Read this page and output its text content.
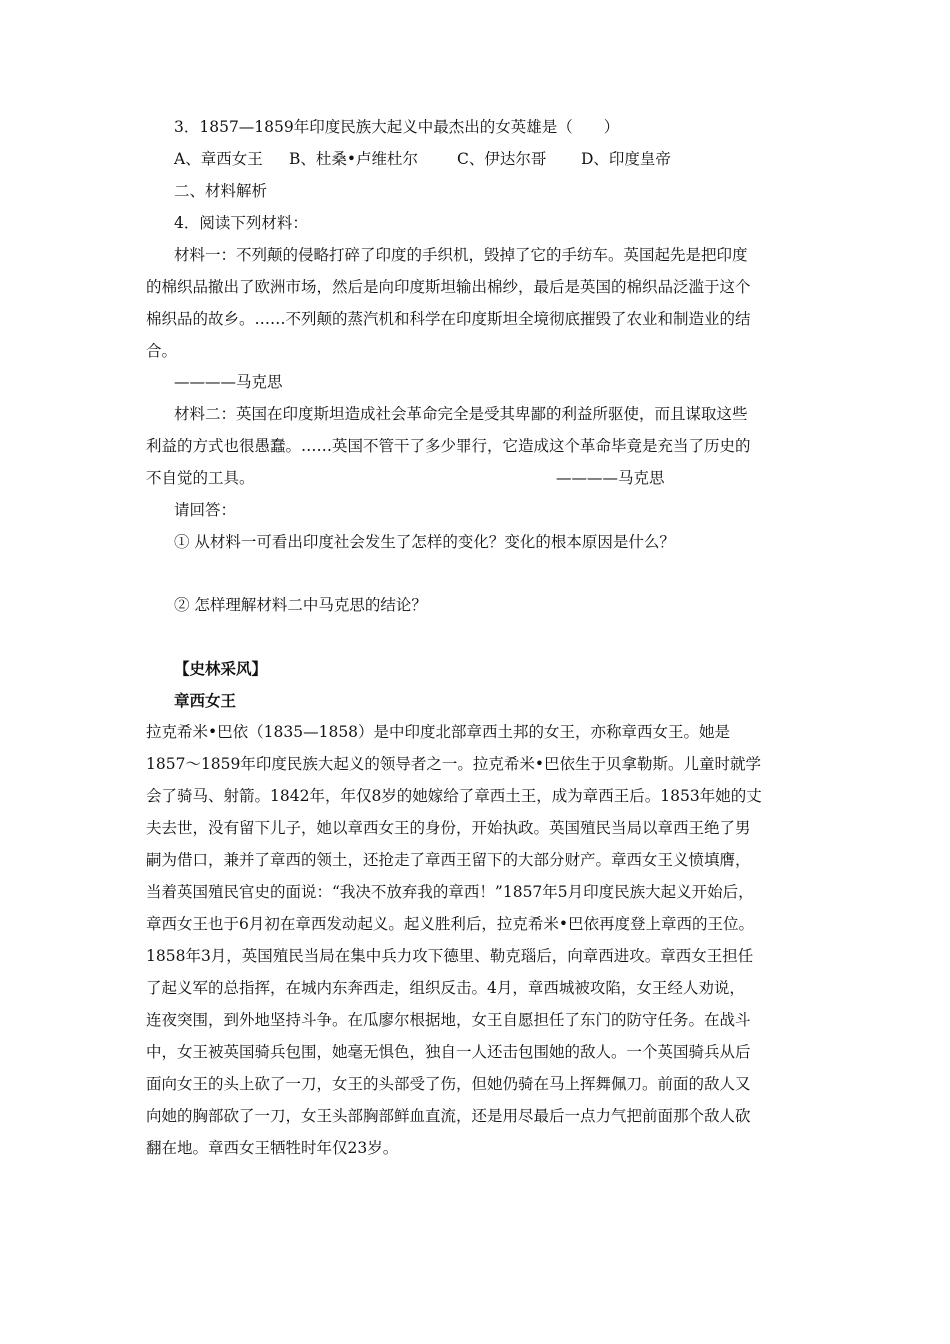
3．1857—1859年印度民族大起义中最杰出的女英雄是（　　）
A、章西女王 B、杜桑•卢维杜尔	C、伊达尔哥 D、印度皇帝
二、材料解析
4．阅读下列材料：
材料一：不列颠的侵略打碎了印度的手织机，毁掉了它的手纺车。英国起先是把印度
的棉织品撤出了欧洲市场，然后是向印度斯坦输出棉纱，最后是英国的棉织品泛滥于这个
棉织品的故乡。……不列颠的蒸汽机和科学在印度斯坦全境彻底摧毁了农业和制造业的结
合。
————马克思
材料二：英国在印度斯坦造成社会革命完全是受其卑鄙的利益所驱使，而且谋取这些
利益的方式也很愚蠢。……英国不管干了多少罪行，它造成这个革命毕竟是充当了历史的
不自觉的工具。	————马克思
请回答：
① 从材料一可看出印度社会发生了怎样的变化？变化的根本原因是什么？
② 怎样理解材料二中马克思的结论？
【史林采风】
章西女王
拉克希米•巴依（1835—1858）是中印度北部章西土邦的女王，亦称章西女王。她是
1857～1859年印度民族大起义的领导者之一。拉克希米•巴依生于贝拿勒斯。儿童时就学
会了骑马、射箭。1842年，年仅8岁的她嫁给了章西土王，成为章西王后。1853年她的丈
夫去世，没有留下儿子，她以章西女王的身份，开始执政。英国殖民当局以章西王绝了男
嗣为借口，兼并了章西的领土，还抢走了章西王留下的大部分财产。章西女王义愤填膺，
当着英国殖民官史的面说：“我决不放弃我的章西！”1857年5月印度民族大起义开始后，
章西女王也于6月初在章西发动起义。起义胜利后，拉克希米•巴依再度登上章西的王位。
1858年3月，英国殖民当局在集中兵力攻下德里、勒克瑙后，向章西进攻。章西女王担任
了起义军的总指挥，在城内东奔西走，组织反击。4月，章西城被攻陷，女王经人劝说，
连夜突围，到外地坚持斗争。在瓜廖尔根据地，女王自愿担任了东门的防守任务。在战斗
中，女王被英国骑兵包围，她毫无惧色，独自一人还击包围她的敌人。一个英国骑兵从后
面向女王的头上砍了一刀，女王的头部受了伤，但她仍骑在马上挥舞佩刀。前面的敌人又
向她的胸部砍了一刀，女王头部胸部鲜血直流，还是用尽最后一点力气把前面那个敌人砍
翻在地。章西女王牺牲时年仅23岁。
